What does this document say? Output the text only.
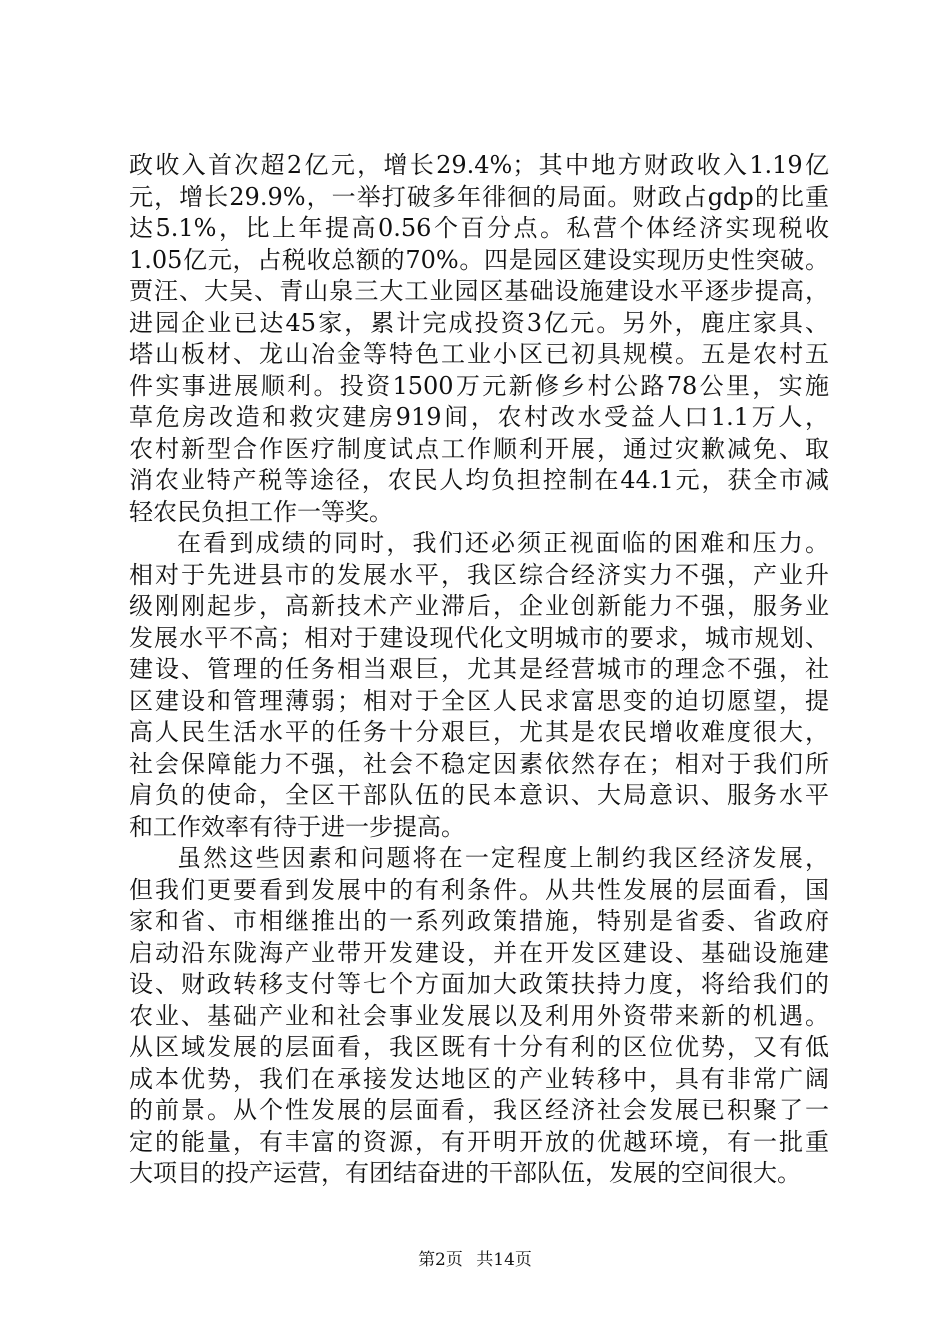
政收入首次超2亿元，增长29.4%；其中地方财政收入1.19亿
元，增长29.9%，一举打破多年徘徊的局面。财政占gdp的比重
达5.1%，比上年提高0.56个百分点。私营个体经济实现税收
1.05亿元，占税收总额的70%。四是园区建设实现历史性突破。
贾汪、大吴、青山泉三大工业园区基础设施建设水平逐步提高，
进园企业已达45家，累计完成投资3亿元。另外，鹿庄家具、
塔山板材、龙山冶金等特色工业小区已初具规模。五是农村五
件实事进展顺利。投资1500万元新修乡村公路78公里，实施
草危房改造和救灾建房919间，农村改水受益人口1.1万人，
农村新型合作医疗制度试点工作顺利开展，通过灾歉减免、取
消农业特产税等途径，农民人均负担控制在44.1元，获全市减
轻农民负担工作一等奖。
在看到成绩的同时，我们还必须正视面临的困难和压力。
相对于先进县市的发展水平，我区综合经济实力不强，产业升
级刚刚起步，高新技术产业滞后，企业创新能力不强，服务业
发展水平不高；相对于建设现代化文明城市的要求，城市规划、
建设、管理的任务相当艰巨，尤其是经营城市的理念不强，社
区建设和管理薄弱；相对于全区人民求富思变的迫切愿望，提
高人民生活水平的任务十分艰巨，尤其是农民增收难度很大，
社会保障能力不强，社会不稳定因素依然存在；相对于我们所
肩负的使命，全区干部队伍的民本意识、大局意识、服务水平
和工作效率有待于进一步提高。
虽然这些因素和问题将在一定程度上制约我区经济发展，
但我们更要看到发展中的有利条件。从共性发展的层面看，国
家和省、市相继推出的一系列政策措施，特别是省委、省政府
启动沿东陇海产业带开发建设，并在开发区建设、基础设施建
设、财政转移支付等七个方面加大政策扶持力度，将给我们的
农业、基础产业和社会事业发展以及利用外资带来新的机遇。
从区域发展的层面看，我区既有十分有利的区位优势，又有低
成本优势，我们在承接发达地区的产业转移中，具有非常广阔
的前景。从个性发展的层面看，我区经济社会发展已积聚了一
定的能量，有丰富的资源，有开明开放的优越环境，有一批重
大项目的投产运营，有团结奋进的干部队伍，发展的空间很大。
第2页 共14页
